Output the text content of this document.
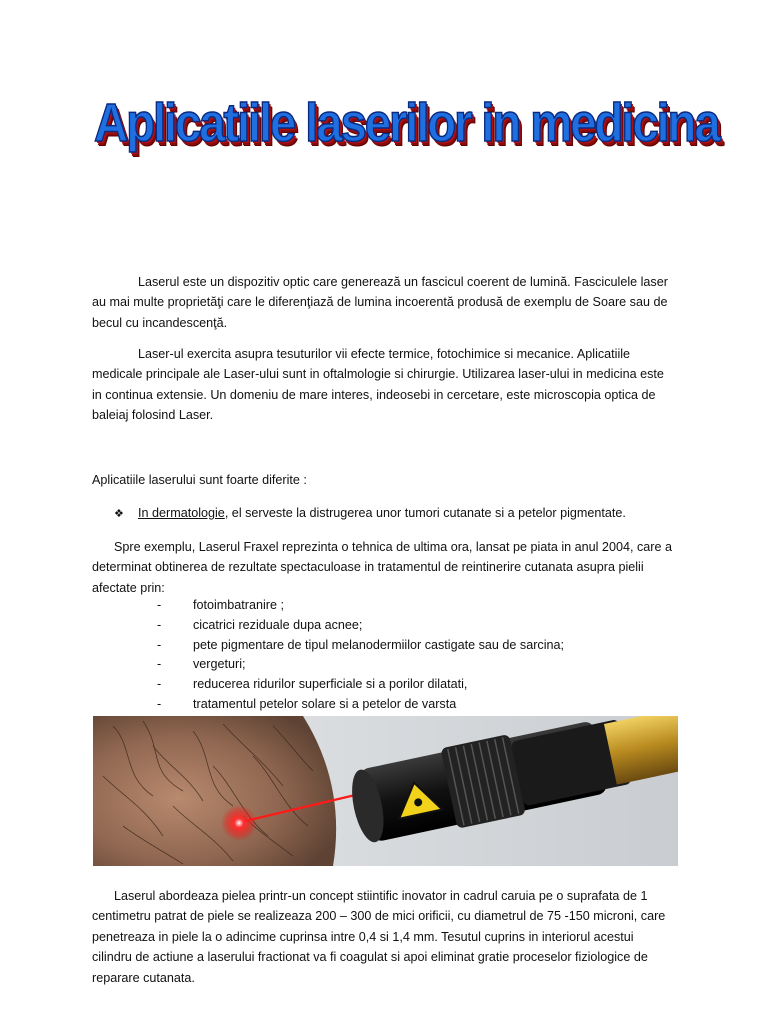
Aplicatiile laserilor in medicina

Laserul este un dispozitiv optic care generează un fascicul coerent de lumină. Fasciculele laser au mai multe proprietăţi care le diferenţiază de lumina incoerentă produsă de exemplu de Soare sau de becul cu incandescenţă.

Laser-ul exercita asupra tesuturilor vii efecte termice, fotochimice si mecanice. Aplicatiile medicale principale ale Laser-ului sunt in oftalmologie si chirurgie. Utilizarea laser-ului in medicina este in continua extensie. Un domeniu de mare interes, indeosebi in cercetare, este microscopia optica de baleiaj folosind Laser.

Aplicatiile laserului sunt foarte diferite :

❖ In dermatologie, el serveste la distrugerea unor tumori cutanate si a petelor pigmentate.

Spre exemplu, Laserul Fraxel reprezinta o tehnica de ultima ora, lansat pe piata in anul 2004, care a determinat obtinerea de rezultate spectaculoase in tratamentul de reintinerire cutanata asupra pielii afectate prin:

-	fotoimbatranire ;
-	cicatrici reziduale dupa acnee;
-	pete pigmentare de tipul melanodermiilor castigate sau de sarcina;
-	vergeturi;
-	reducerea ridurilor superficiale si a porilor dilatati,
-	tratamentul petelor solare si a petelor de varsta

Laserul abordeaza pielea printr-un concept stiintific inovator in cadrul caruia pe o suprafata de 1 centimetru patrat de piele se realizeaza 200 – 300 de mici orificii, cu diametrul de 75 -150 microni, care penetreaza in piele la o adincime cuprinsa intre 0,4 si 1,4 mm. Tesutul cuprins in interiorul acestui cilindru de actiune a laserului fractionat va fi coagulat si apoi eliminat gratie proceselor fiziologice de reparare cutanata.
